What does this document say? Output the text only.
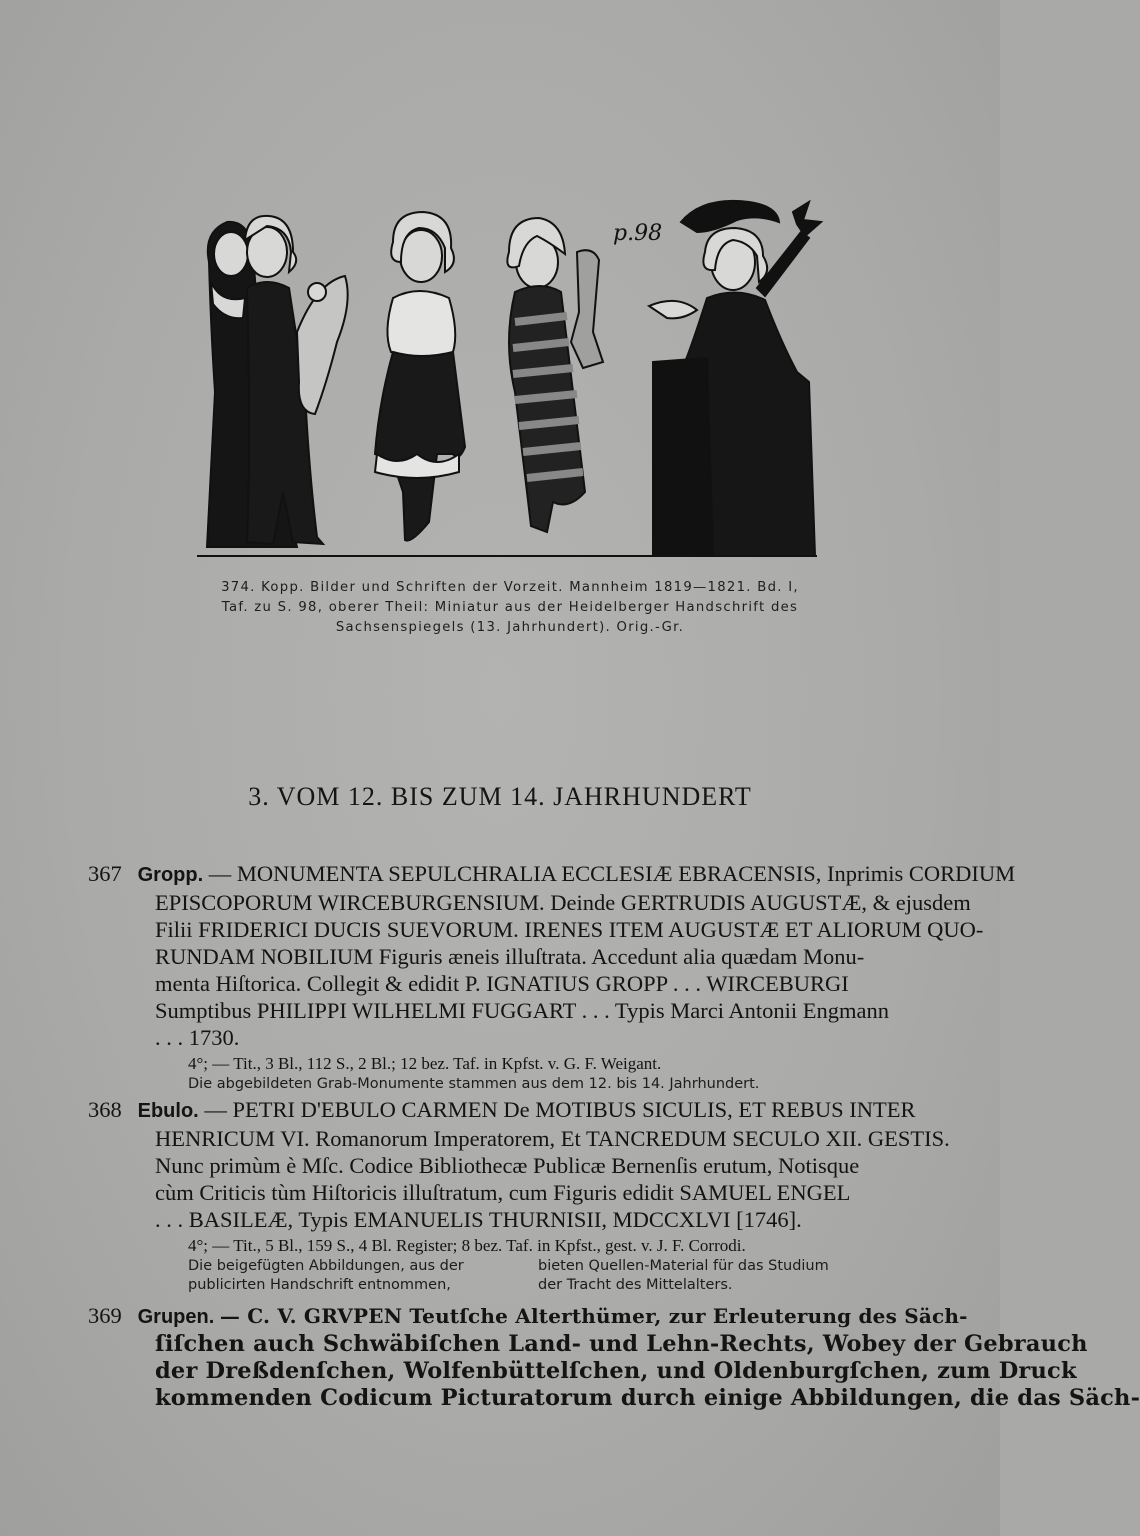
p.98
374. Kopp. Bilder und Schriften der Vorzeit. Mannheim 1819—1821. Bd. I,
Taf. zu S. 98, oberer Theil: Miniatur aus der Heidelberger Handschrift des
Sachsenspiegels (13. Jahrhundert). Orig.-Gr.
3. VOM 12. BIS ZUM 14. JAHRHUNDERT
367 Gropp. — MONUMENTA SEPULCHRALIA ECCLESIÆ EBRACENSIS, Inprimis CORDIUM
EPISCOPORUM WIRCEBURGENSIUM. Deinde GERTRUDIS AUGUSTÆ, & ejusdem
Filii FRIDERICI DUCIS SUEVORUM. IRENES ITEM AUGUSTÆ ET ALIORUM QUO-
RUNDAM NOBILIUM Figuris æneis illuſtrata. Accedunt alia quædam Monu-
menta Hiſtorica. Collegit & edidit P. IGNATIUS GROPP . . . WIRCEBURGI
Sumptibus PHILIPPI WILHELMI FUGGART . . . Typis Marci Antonii Engmann
. . . 1730.
4°; — Tit., 3 Bl., 112 S., 2 Bl.; 12 bez. Taf. in Kpfst. v. G. F. Weigant.
Die abgebildeten Grab-Monumente stammen aus dem 12. bis 14. Jahrhundert.
368 Ebulo. — PETRI D'EBULO CARMEN De MOTIBUS SICULIS, ET REBUS INTER
HENRICUM VI. Romanorum Imperatorem, Et TANCREDUM SECULO XII. GESTIS.
Nunc primùm è Mſc. Codice Bibliothecæ Publicæ Bernenſis erutum, Notisque
cùm Criticis tùm Hiſtoricis illuſtratum, cum Figuris edidit SAMUEL ENGEL
. . . BASILEÆ, Typis EMANUELIS THURNISII, MDCCXLVI [1746].
4°; — Tit., 5 Bl., 159 S., 4 Bl. Register; 8 bez. Taf. in Kpfst., gest. v. J. F. Corrodi.
Die beigefügten Abbildungen, aus der
publicirten Handschrift entnommen,
bieten Quellen-Material für das Studium
der Tracht des Mittelalters.
369 Grupen. — C. V. GRVPEN Teutſche Alterthümer, zur Erleuterung des Säch-
ſiſchen auch Schwäbiſchen Land- und Lehn-Rechts, Wobey der Gebrauch
der Dreßdenſchen, Wolfenbüttelſchen, und Oldenburgſchen, zum Druck
kommenden Codicum Picturatorum durch einige Abbildungen, die das Säch-
